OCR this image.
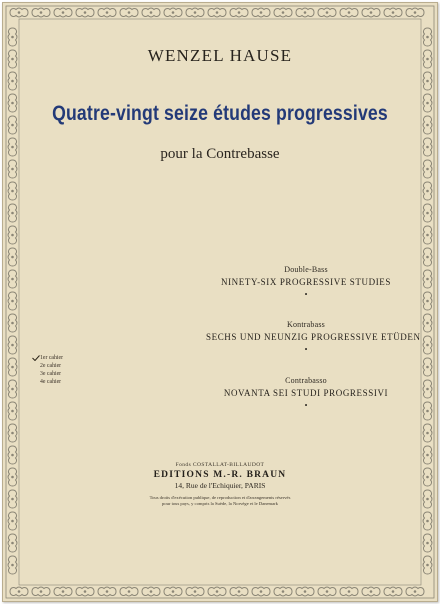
WENZEL HAUSE
Quatre-vingt seize études progressives
pour la Contrebasse
Double-Bass
NINETY-SIX PROGRESSIVE STUDIES
•
Kontrabass
SECHS UND NEUNZIG PROGRESSIVE ETÜDEN
•
Contrabasso
NOVANTA SEI STUDI PROGRESSIVI
•
1er cahier
2e cahier
3e cahier
4e cahier
Fonds COSTALLAT-BILLAUDOT
EDITIONS M.-R. BRAUN
14, Rue de l'Echiquier, PARIS
Tous droits d'exécution publique, de reproduction et d'arrangements réservés
pour tous pays, y compris la Suède, la Norvège et le Danemark
